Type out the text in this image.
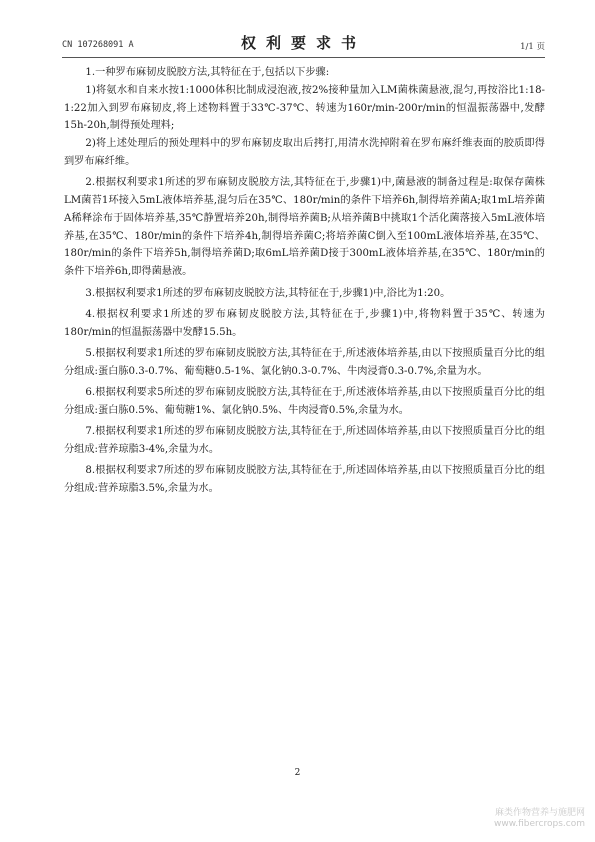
CN 107268091 A	权利要求书	1/1 页

1.一种罗布麻韧皮脱胶方法,其特征在于,包括以下步骤:

1)将氨水和自来水按1:1000体积比制成浸泡液,按2%接种量加入LM菌株菌悬液,混匀,再按浴比1:18-1:22加入到罗布麻韧皮,将上述物料置于33℃-37℃、转速为160r/min-200r/min的恒温振荡器中,发酵15h-20h,制得预处理料;

2)将上述处理后的预处理料中的罗布麻韧皮取出后拷打,用清水洗掉附着在罗布麻纤维表面的胶质即得到罗布麻纤维。

2.根据权利要求1所述的罗布麻韧皮脱胶方法,其特征在于,步骤1)中,菌悬液的制备过程是:取保存菌株LM菌苔1环接入5mL液体培养基,混匀后在35℃、180r/min的条件下培养6h,制得培养菌A;取1mL培养菌A稀释涂布于固体培养基,35℃静置培养20h,制得培养菌B;从培养菌B中挑取1个活化菌落接入5mL液体培养基,在35℃、180r/min的条件下培养4h,制得培养菌C;将培养菌C倒入至100mL液体培养基,在35℃、180r/min的条件下培养5h,制得培养菌D;取6mL培养菌D接于300mL液体培养基,在35℃、180r/min的条件下培养6h,即得菌悬液。

3.根据权利要求1所述的罗布麻韧皮脱胶方法,其特征在于,步骤1)中,浴比为1:20。

4.根据权利要求1所述的罗布麻韧皮脱胶方法,其特征在于,步骤1)中,将物料置于35℃、转速为180r/min的恒温振荡器中发酵15.5h。

5.根据权利要求1所述的罗布麻韧皮脱胶方法,其特征在于,所述液体培养基,由以下按照质量百分比的组分组成:蛋白胨0.3-0.7%、葡萄糖0.5-1%、氯化钠0.3-0.7%、牛肉浸膏0.3-0.7%,余量为水。

6.根据权利要求5所述的罗布麻韧皮脱胶方法,其特征在于,所述液体培养基,由以下按照质量百分比的组分组成:蛋白胨0.5%、葡萄糖1%、氯化钠0.5%、牛肉浸膏0.5%,余量为水。

7.根据权利要求1所述的罗布麻韧皮脱胶方法,其特征在于,所述固体培养基,由以下按照质量百分比的组分组成:营养琼脂3-4%,余量为水。

8.根据权利要求7所述的罗布麻韧皮脱胶方法,其特征在于,所述固体培养基,由以下按照质量百分比的组分组成:营养琼脂3.5%,余量为水。

2
麻类作物营养与施肥网
www.fibercrops.com
